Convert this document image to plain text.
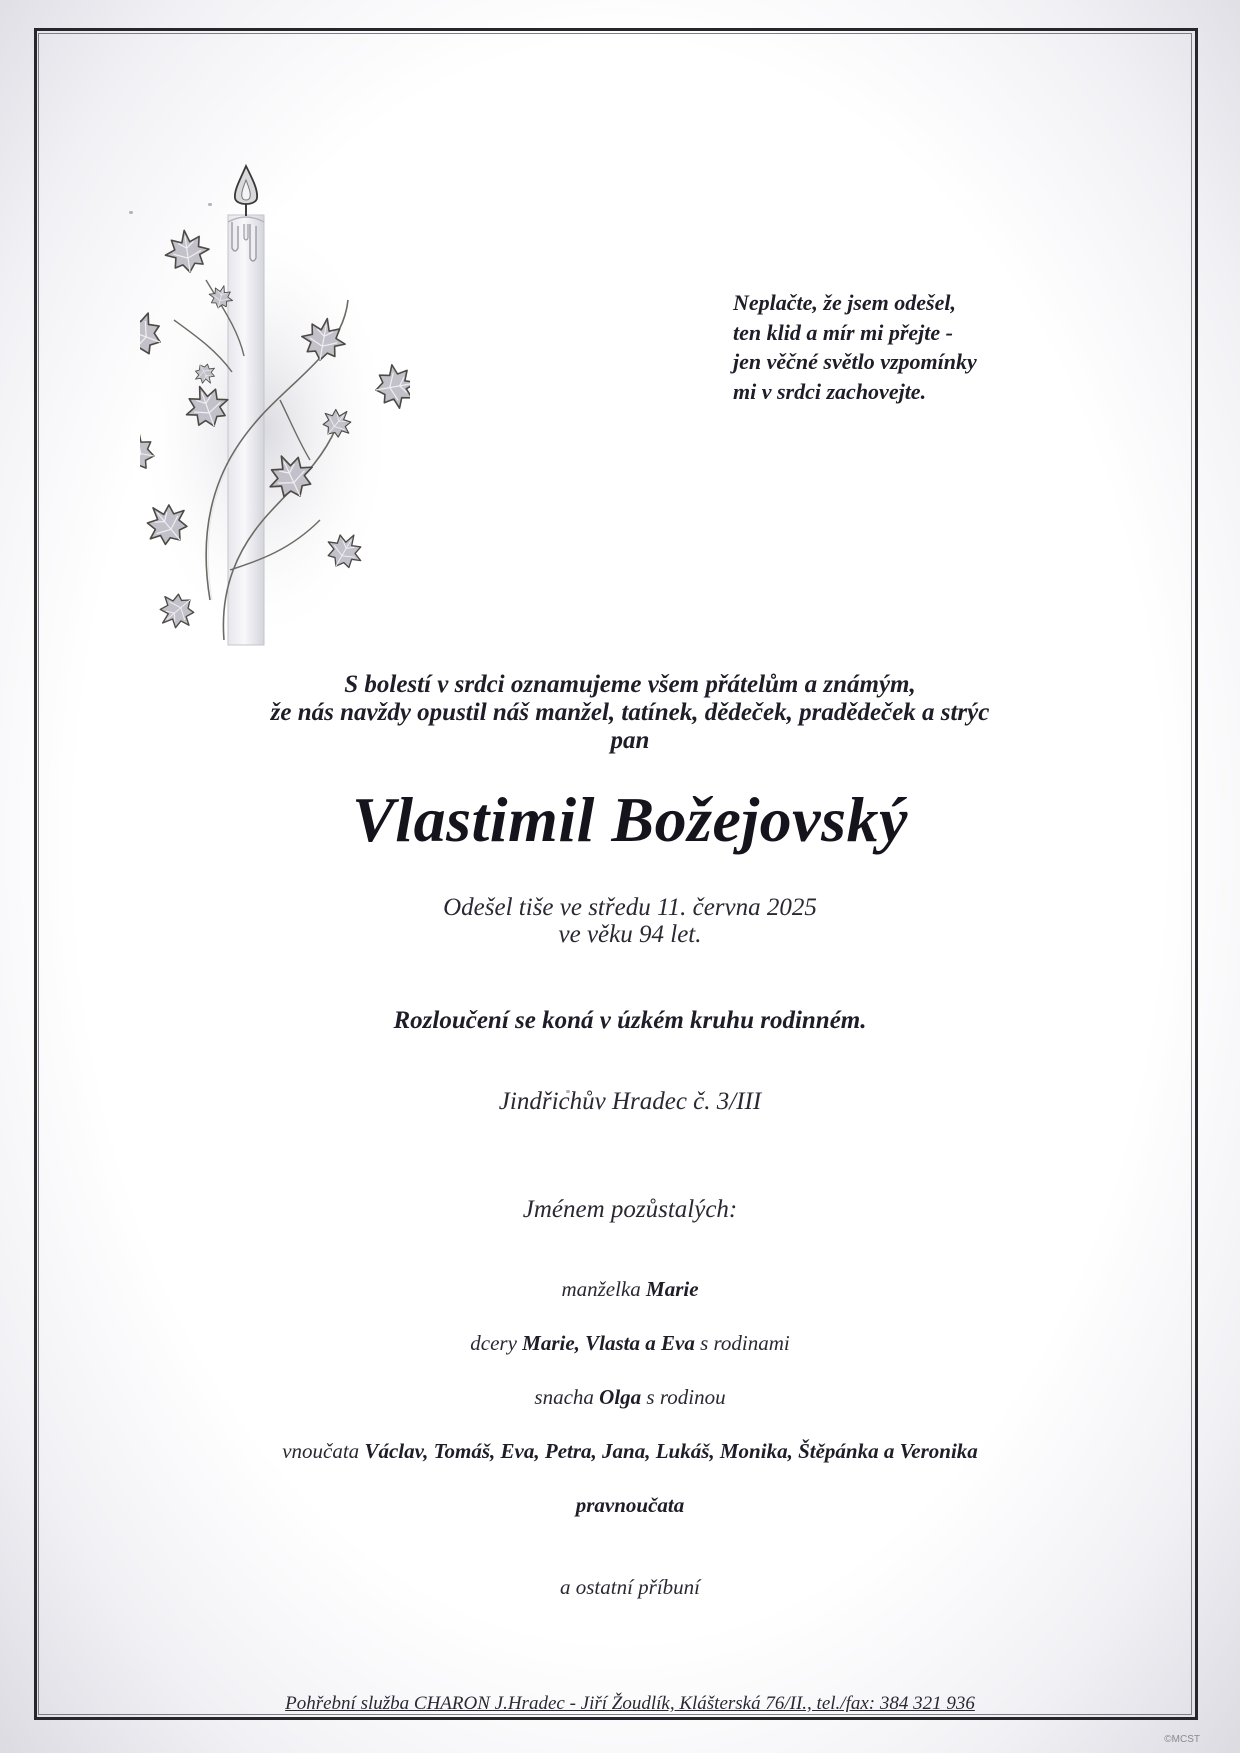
Neplačte, že jsem odešel,
ten klid a mír mi přejte -
jen věčné světlo vzpomínky
mi v srdci zachovejte.
S bolestí v srdci oznamujeme všem přátelům a známým,
že nás navždy opustil náš manžel, tatínek, dědeček, pradědeček a strýc
pan
Vlastimil Božejovský
Odešel tiše ve středu 11. června 2025
ve věku 94 let.
Rozloučení se koná v úzkém kruhu rodinném.
Jindřichův Hradec č. 3/III
Jménem pozůstalých:
manželka Marie
dcery Marie, Vlasta a Eva s rodinami
snacha Olga s rodinou
vnoučata Václav, Tomáš, Eva, Petra, Jana, Lukáš, Monika, Štěpánka a Veronika
pravnoučata
a ostatní příbuní
Pohřební služba CHARON J.Hradec - Jiří Žoudlík, Klášterská 76/II., tel./fax: 384 321 936
©MCST
